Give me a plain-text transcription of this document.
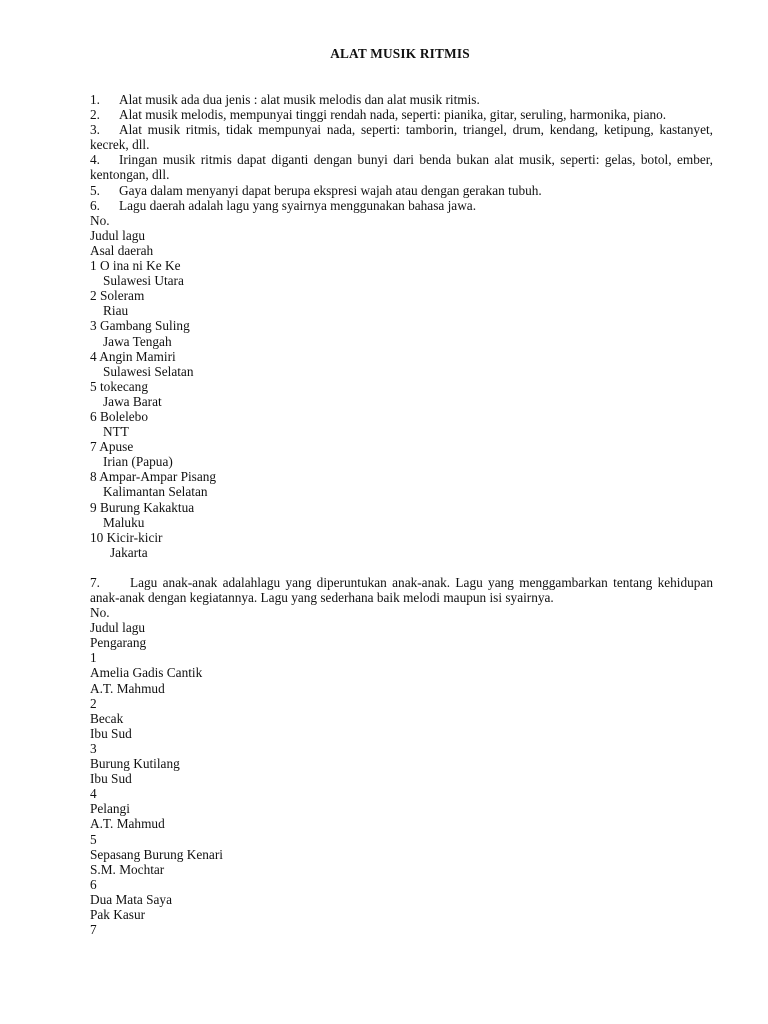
ALAT MUSIK RITMIS

1. Alat musik ada dua jenis : alat musik melodis dan alat musik ritmis.

2. Alat musik melodis, mempunyai tinggi rendah nada, seperti: pianika, gitar, seruling, harmonika, piano.

3. Alat musik ritmis, tidak mempunyai nada, seperti: tamborin, triangel, drum, kendang, ketipung, kastanyet, kecrek, dll.

4. Iringan musik ritmis dapat diganti dengan bunyi dari benda bukan alat musik, seperti: gelas, botol, ember, kentongan, dll.

5. Gaya dalam menyanyi dapat berupa ekspresi wajah atau dengan gerakan tubuh.

6. Lagu daerah adalah lagu yang syairnya menggunakan bahasa jawa.

No.

Judul lagu

Asal daerah

1 O ina ni Ke Ke

Sulawesi Utara

2 Soleram

Riau

3 Gambang Suling

Jawa Tengah

4 Angin Mamiri

Sulawesi Selatan

5 tokecang

Jawa Barat

6 Bolelebo

NTT

7 Apuse

Irian (Papua)

8 Ampar-Ampar Pisang

Kalimantan Selatan

9 Burung Kakaktua

Maluku

10 Kicir-kicir

Jakarta

7. Lagu anak-anak adalahlagu yang diperuntukan anak-anak. Lagu yang menggambarkan tentang kehidupan anak-anak dengan kegiatannya. Lagu yang sederhana baik melodi maupun isi syairnya.

No.

Judul lagu

Pengarang

1

Amelia Gadis Cantik

A.T. Mahmud

2

Becak

Ibu Sud

3

Burung Kutilang

Ibu Sud

4

Pelangi

A.T. Mahmud

5

Sepasang Burung Kenari

S.M. Mochtar

6

Dua Mata Saya

Pak Kasur

7
